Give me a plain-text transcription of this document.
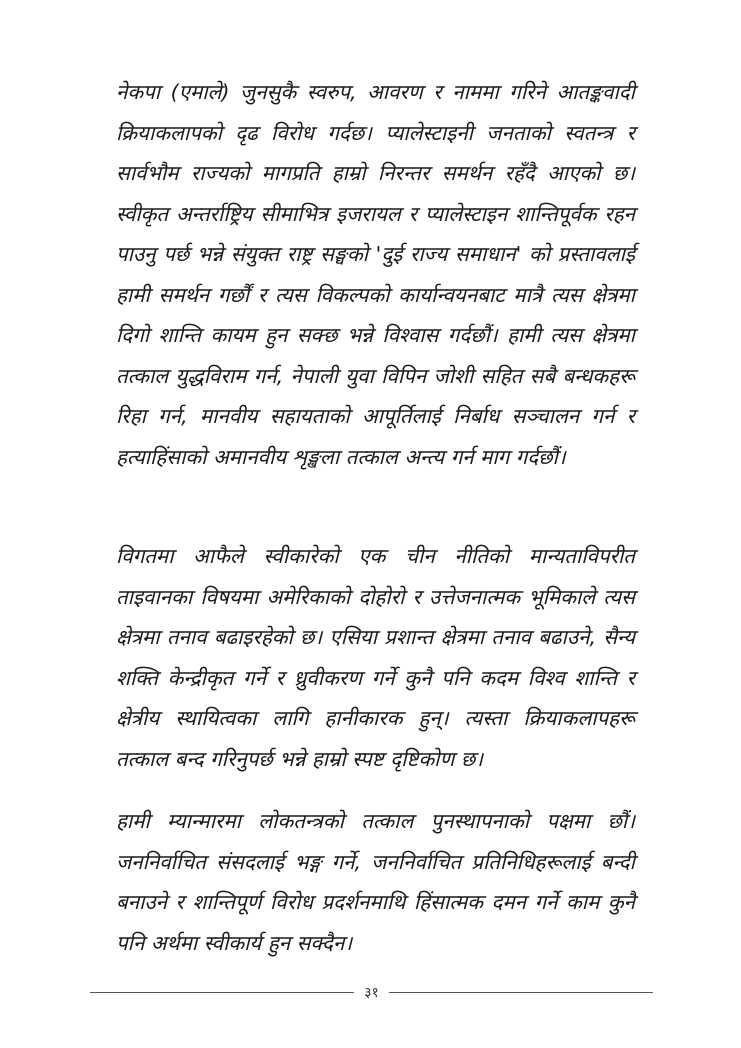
नेकपा (एमाले) जुनसुकै स्वरुप, आवरण र नाममा गरिने आतङ्कवादी क्रियाकलापको दृढ विरोध गर्दछ। प्यालेस्टाइनी जनताको स्वतन्त्र र सार्वभौम राज्यको मागप्रति हाम्रो निरन्तर समर्थन रहँदै आएको छ। स्वीकृत अन्तर्राष्ट्रिय सीमाभित्र इजरायल र प्यालेस्टाइन शान्तिपूर्वक रहन पाउनु पर्छ भन्ने संयुक्त राष्ट्र सङ्घको 'दुई राज्य समाधान' को प्रस्तावलाई हामी समर्थन गर्छौं र त्यस विकल्पको कार्यान्वयनबाट मात्रै त्यस क्षेत्रमा दिगो शान्ति कायम हुन सक्छ भन्ने विश्वास गर्दछौं। हामी त्यस क्षेत्रमा तत्काल युद्धविराम गर्न, नेपाली युवा विपिन जोशी सहित सबै बन्धकहरू रिहा गर्न, मानवीय सहायताको आपूर्तिलाई निर्बाध सञ्चालन गर्न र हत्याहिंसाको अमानवीय शृङ्खला तत्काल अन्त्य गर्न माग गर्दछौं।

विगतमा आफैले स्वीकारेको एक चीन नीतिको मान्यताविपरीत ताइवानका विषयमा अमेरिकाको दोहोरो र उत्तेजनात्मक भूमिकाले त्यस क्षेत्रमा तनाव बढाइरहेको छ। एसिया प्रशान्त क्षेत्रमा तनाव बढाउने, सैन्य शक्ति केन्द्रीकृत गर्ने र ध्रुवीकरण गर्ने कुनै पनि कदम विश्व शान्ति र क्षेत्रीय स्थायित्वका लागि हानीकारक हुन्। त्यस्ता क्रियाकलापहरू तत्काल बन्द गरिनुपर्छ भन्ने हाम्रो स्पष्ट दृष्टिकोण छ।

हामी म्यान्मारमा लोकतन्त्रको तत्काल पुनस्थापनाको पक्षमा छौं। जननिर्वाचित संसदलाई भङ्ग गर्ने, जननिर्वाचित प्रतिनिधिहरूलाई बन्दी बनाउने र शान्तिपूर्ण विरोध प्रदर्शनमाथि हिंसात्मक दमन गर्ने काम कुनै पनि अर्थमा स्वीकार्य हुन सक्दैन।

३१
